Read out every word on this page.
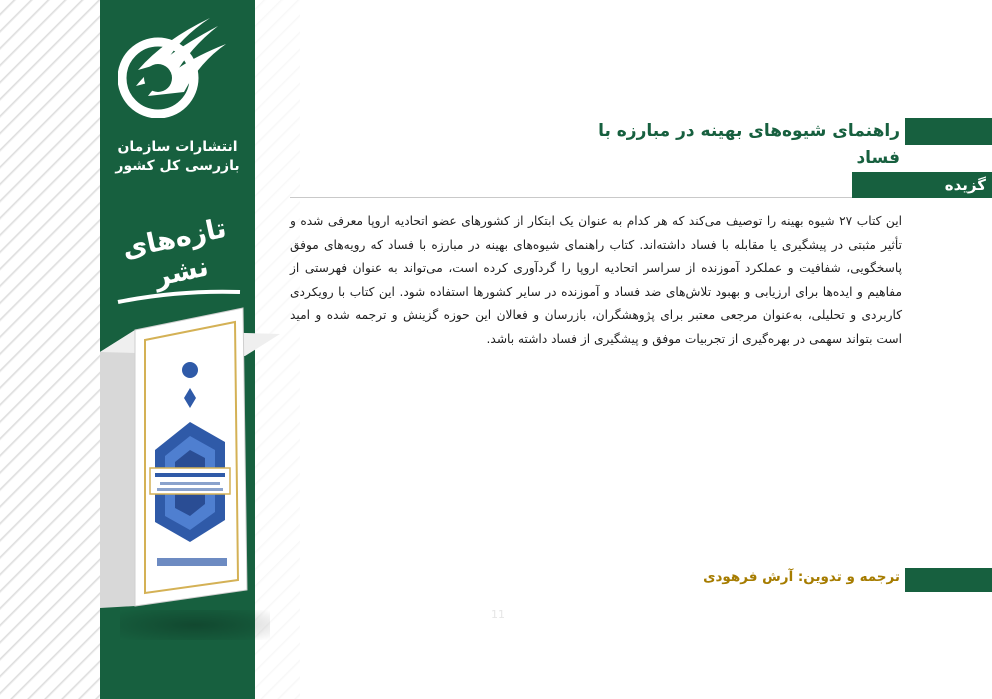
انتشارات سازمان
بازرسی کل کشور
تازه‌های نشر
راهنمای شیوه‌های بهینه در مبارزه با فساد
گزیده
این کتاب ۲۷ شیوه بهینه را توصیف می‌کند که هر کدام به عنوان یک ابتکار از کشورهای عضو اتحادیه اروپا معرفی شده و تأثیر مثبتی در پیشگیری یا مقابله با فساد داشته‌اند. کتاب راهنمای شیوه‌های بهینه در مبارزه با فساد که رویه‌های موفق پاسخگویی، شفافیت و عملکرد آموزنده از سراسر اتحادیه اروپا را گردآوری کرده است، می‌تواند به عنوان فهرستی از مفاهیم و ایده‌ها برای ارزیابی و بهبود تلاش‌های ضد فساد و آموزنده در سایر کشورها استفاده شود. این کتاب با رویکردی کاربردی و تحلیلی، به‌عنوان مرجعی معتبر برای پژوهشگران، بازرسان و فعالان این حوزه گزینش و ترجمه شده و امید است بتواند سهمی در بهره‌گیری از تجربیات موفق و پیشگیری از فساد داشته باشد.
ترجمه و تدوین: آرش فرهودی
11
